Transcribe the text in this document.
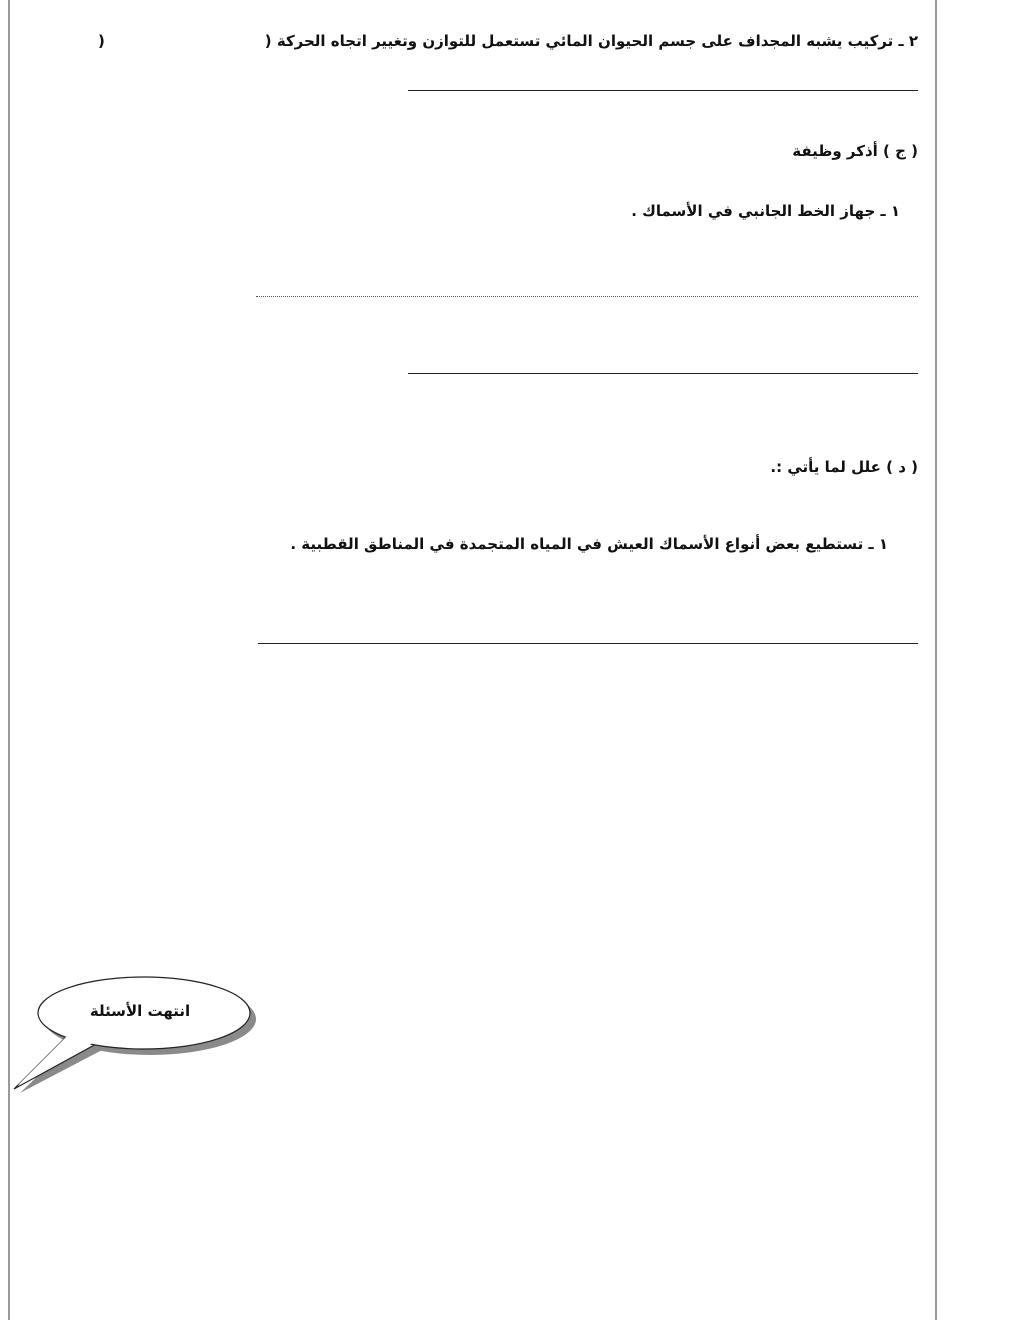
٢ ـ تركيب يشبه المجداف على جسم الحيوان المائي تستعمل للتوازن وتغيير اتجاه الحركة (
)
( ج ) أذكر وظيفة
١ ـ جهاز الخط الجانبي في الأسماك .
( د ) علل لما يأتي :.
١ ـ تستطيع بعض أنواع الأسماك العيش في المياه المتجمدة في المناطق القطبية .
انتهت الأسئلة
